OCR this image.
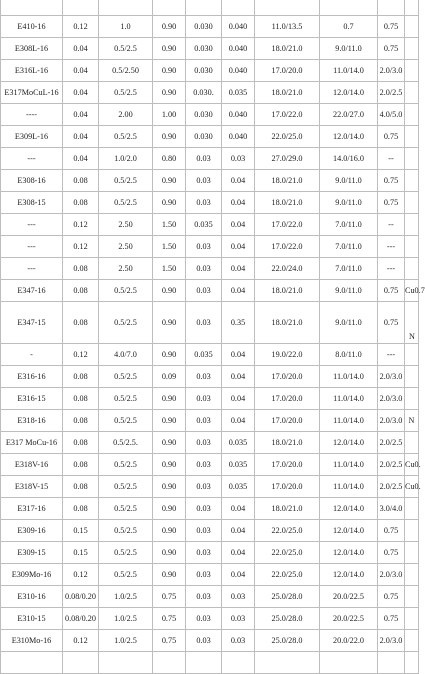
E410-16	0.12	1.0	0.90	0.030	0.040	11.0/13.5	0.7	0.75	
E308L-16	0.04	0.5/2.5	0.90	0.030	0.040	18.0/21.0	9.0/11.0	0.75	
E316L-16	0.04	0.5/2.50	0.90	0.030	0.040	17.0/20.0	11.0/14.0	2.0/3.0	
E317MoCuL-16	0.04	0.5/2.5	0.90	0.030.	0.035	18.0/21.0	12.0/14.0	2.0/2.5	
----	0.04	2.00	1.00	0.030	0.040	17.0/22.0	22.0/27.0	4.0/5.0	
E309L-16	0.04	0.5/2.5	0.90	0.030	0.040	22.0/25.0	12.0/14.0	0.75	
---	0.04	1.0/2.0	0.80	0.03	0.03	27.0/29.0	14.0/16.0	--	
E308-16	0.08	0.5/2.5	0.90	0.03	0.04	18.0/21.0	9.0/11.0	0.75	
E308-15	0.08	0.5/2.5	0.90	0.03	0.04	18.0/21.0	9.0/11.0	0.75	
---	0.12	2.50	1.50	0.035	0.04	17.0/22.0	7.0/11.0	--	
---	0.12	2.50	1.50	0.03	0.04	17.0/22.0	7.0/11.0	---	
---	0.08	2.50	1.50	0.03	0.04	22.0/24.0	7.0/11.0	---	
E347-16	0.08	0.5/2.5	0.90	0.03	0.04	18.0/21.0	9.0/11.0	0.75	Cu0.7
E347-15	0.08	0.5/2.5	0.90	0.03	0.35	18.0/21.0	9.0/11.0	0.75	N

-	0.12	4.0/7.0	0.90	0.035	0.04	19.0/22.0	8.0/11.0	---	
E316-16	0.08	0.5/2.5	0.09	0.03	0.04	17.0/20.0	11.0/14.0	2.0/3.0	
E316-15	0.08	0.5/2.5	0.90	0.03	0.04	17.0/20.0	11.0/14.0	2.0/3.0	
E318-16	0.08	0.5/2.5	0.90	0.03	0.04	17.0/20.0	11.0/14.0	2.0/3.0	N
E317 MoCu-16	0.08	0.5/2.5.	0.90	0.03	0.035	18.0/21.0	12.0/14.0	2.0/2.5	
E318V-16	0.08	0.5/2.5	0.90	0.03	0.035	17.0/20.0	11.0/14.0	2.0/2.5	Cu0.
E318V-15	0.08	0.5/2.5	0.90	0.03	0.035	17.0/20.0	11.0/14.0	2.0/2.5	Cu0.
E317-16	0.08	0.5/2.5	0.90	0.03	0.04	18.0/21.0	12.0/14.0	3.0/4.0	
E309-16	0.15	0.5/2.5	0.90	0.03	0.04	22.0/25.0	12.0/14.0	0.75	
E309-15	0.15	0.5/2.5	0.90	0.03	0.04	22.0/25.0	12.0/14.0	0.75	
E309Mo-16	0.12	0.5/2.5	0.90	0.03	0.04	22.0/25.0	12.0/14.0	2.0/3.0	
E310-16	0.08/0.20	1.0/2.5	0.75	0.03	0.03	25.0/28.0	20.0/22.5	0.75	
E310-15	0.08/0.20	1.0/2.5	0.75	0.03	0.03	25.0/28.0	20.0/22.5	0.75	
E310Mo-16	0.12	1.0/2.5	0.75	0.03	0.03	25.0/28.0	20.0/22.0	2.0/3.0	
